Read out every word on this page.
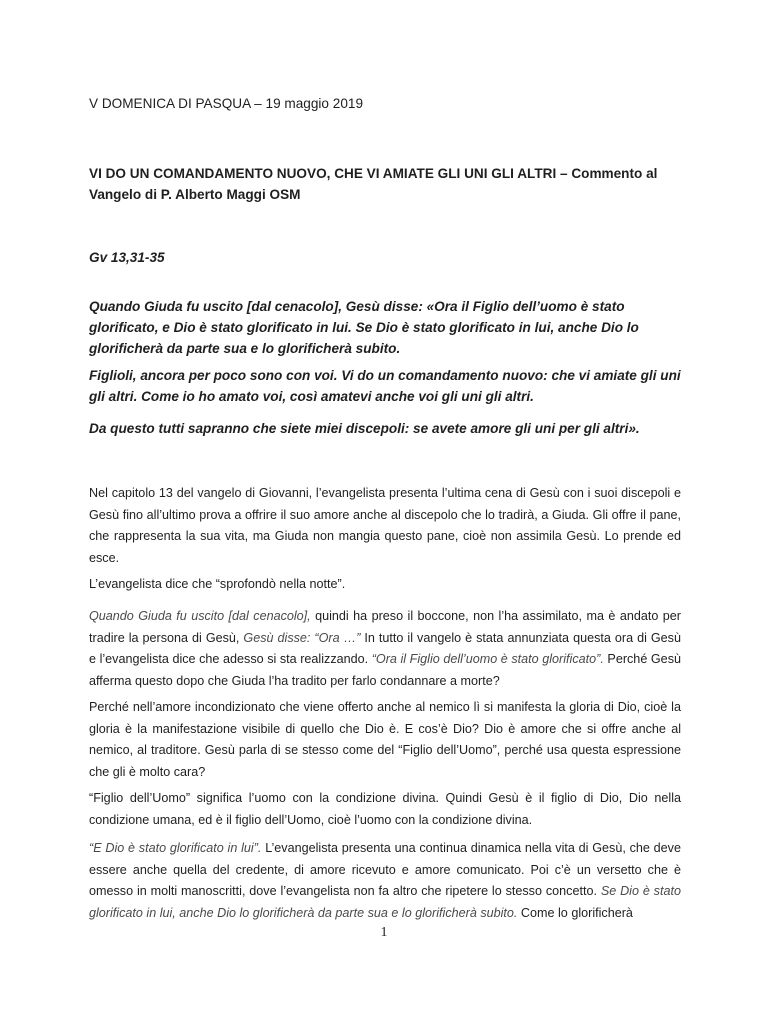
V DOMENICA DI PASQUA – 19 maggio 2019
VI DO UN COMANDAMENTO NUOVO, CHE VI AMIATE GLI UNI GLI ALTRI – Commento al Vangelo di P. Alberto Maggi OSM
Gv 13,31-35
Quando Giuda fu uscito [dal cenacolo], Gesù disse: «Ora il Figlio dell’uomo è stato glorificato, e Dio è stato glorificato in lui. Se Dio è stato glorificato in lui, anche Dio lo glorificherà da parte sua e lo glorificherà subito.
Figlioli, ancora per poco sono con voi. Vi do un comandamento nuovo: che vi amiate gli uni gli altri. Come io ho amato voi, così amatevi anche voi gli uni gli altri.
Da questo tutti sapranno che siete miei discepoli: se avete amore gli uni per gli altri».
Nel capitolo 13 del vangelo di Giovanni, l’evangelista presenta l’ultima cena di Gesù con i suoi discepoli e Gesù fino all’ultimo prova a offrire il suo amore anche al discepolo che lo tradirà, a Giuda. Gli offre il pane, che rappresenta la sua vita, ma Giuda non mangia questo pane, cioè non assimila Gesù. Lo prende ed esce.
L’evangelista dice che “sprofondò nella notte”.
Quando Giuda fu uscito [dal cenacolo], quindi ha preso il boccone, non l’ha assimilato, ma è andato per tradire la persona di Gesù, Gesù disse: “Ora …” In tutto il vangelo è stata annunziata questa ora di Gesù e l’evangelista dice che adesso si sta realizzando. “Ora il Figlio dell’uomo è stato glorificato”. Perché Gesù afferma questo dopo che Giuda l’ha tradito per farlo condannare a morte?
Perché nell’amore incondizionato che viene offerto anche al nemico lì si manifesta la gloria di Dio, cioè la gloria è la manifestazione visibile di quello che Dio è. E cos’è Dio? Dio è amore che si offre anche al nemico, al traditore. Gesù parla di se stesso come del “Figlio dell’Uomo”, perché usa questa espressione che gli è molto cara?
“Figlio dell’Uomo” significa l’uomo con la condizione divina. Quindi Gesù è il figlio di Dio, Dio nella condizione umana, ed è il figlio dell’Uomo, cioè l’uomo con la condizione divina.
“E Dio è stato glorificato in lui”. L’evangelista presenta una continua dinamica nella vita di Gesù, che deve essere anche quella del credente, di amore ricevuto e amore comunicato. Poi c’è un versetto che è omesso in molti manoscritti, dove l’evangelista non fa altro che ripetere lo stesso concetto. Se Dio è stato glorificato in lui, anche Dio lo glorificherà da parte sua e lo glorificherà subito. Come lo glorificherà
1
